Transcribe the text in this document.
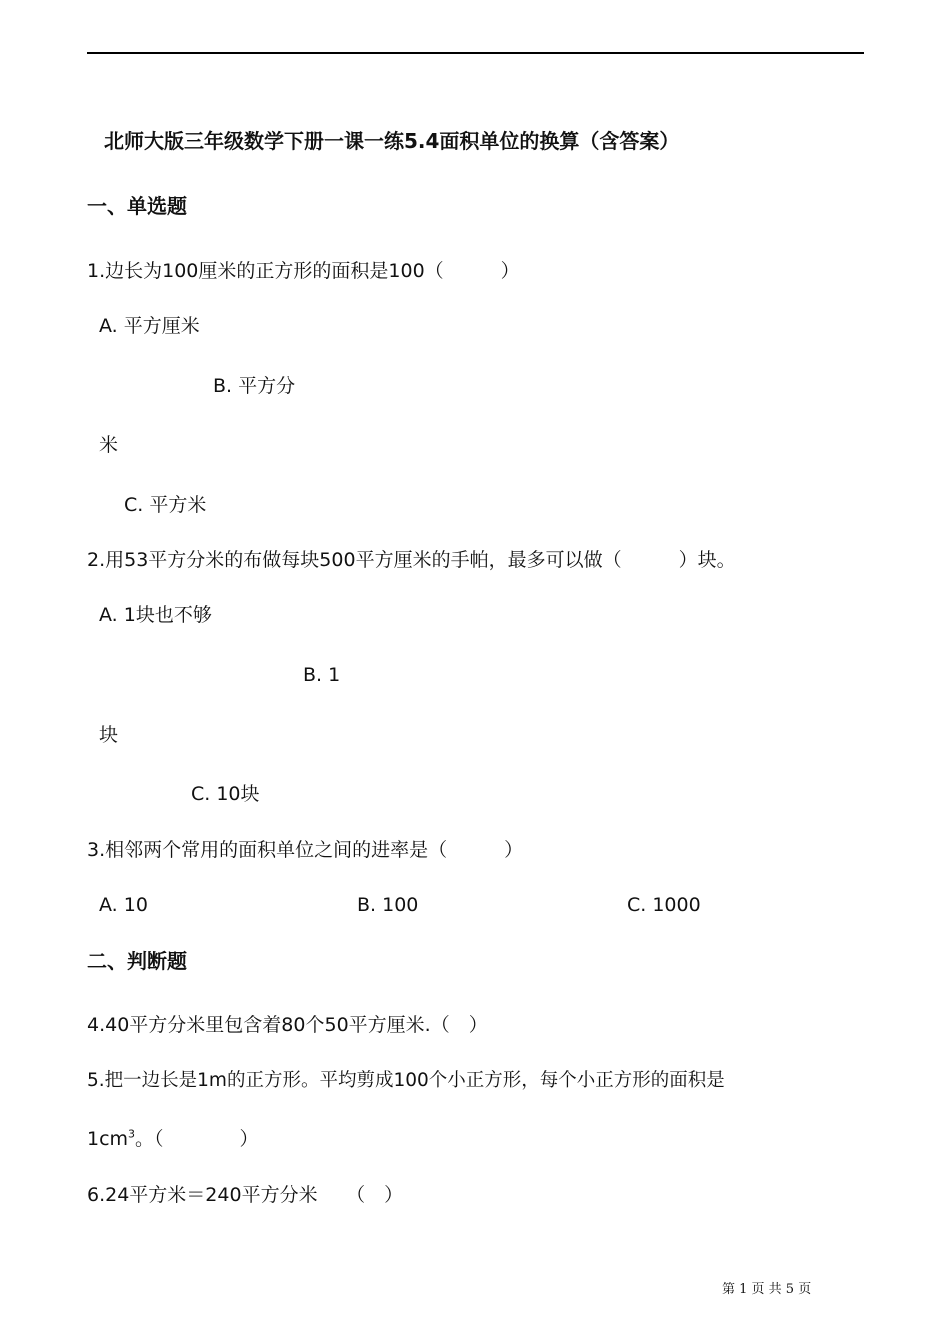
北师大版三年级数学下册一课一练5.4面积单位的换算（含答案）
一、单选题
1.边长为100厘米的正方形的面积是100（　　　）
A. 平方厘米
B. 平方分
米
C. 平方米
2.用53平方分米的布做每块500平方厘米的手帕，最多可以做（　　　）块。
A. 1块也不够
B. 1
块
C. 10块
3.相邻两个常用的面积单位之间的进率是（　　　）
A. 10	B. 100	C. 1000
二、判断题
4.40平方分米里包含着80个50平方厘米.（　）
5.把一边长是1m的正方形。平均剪成100个小正方形，每个小正方形的面积是
$1cm^3$。（　　　　）
6.24平方米＝240平方分米　　（　）
第 1 页 共 5 页
